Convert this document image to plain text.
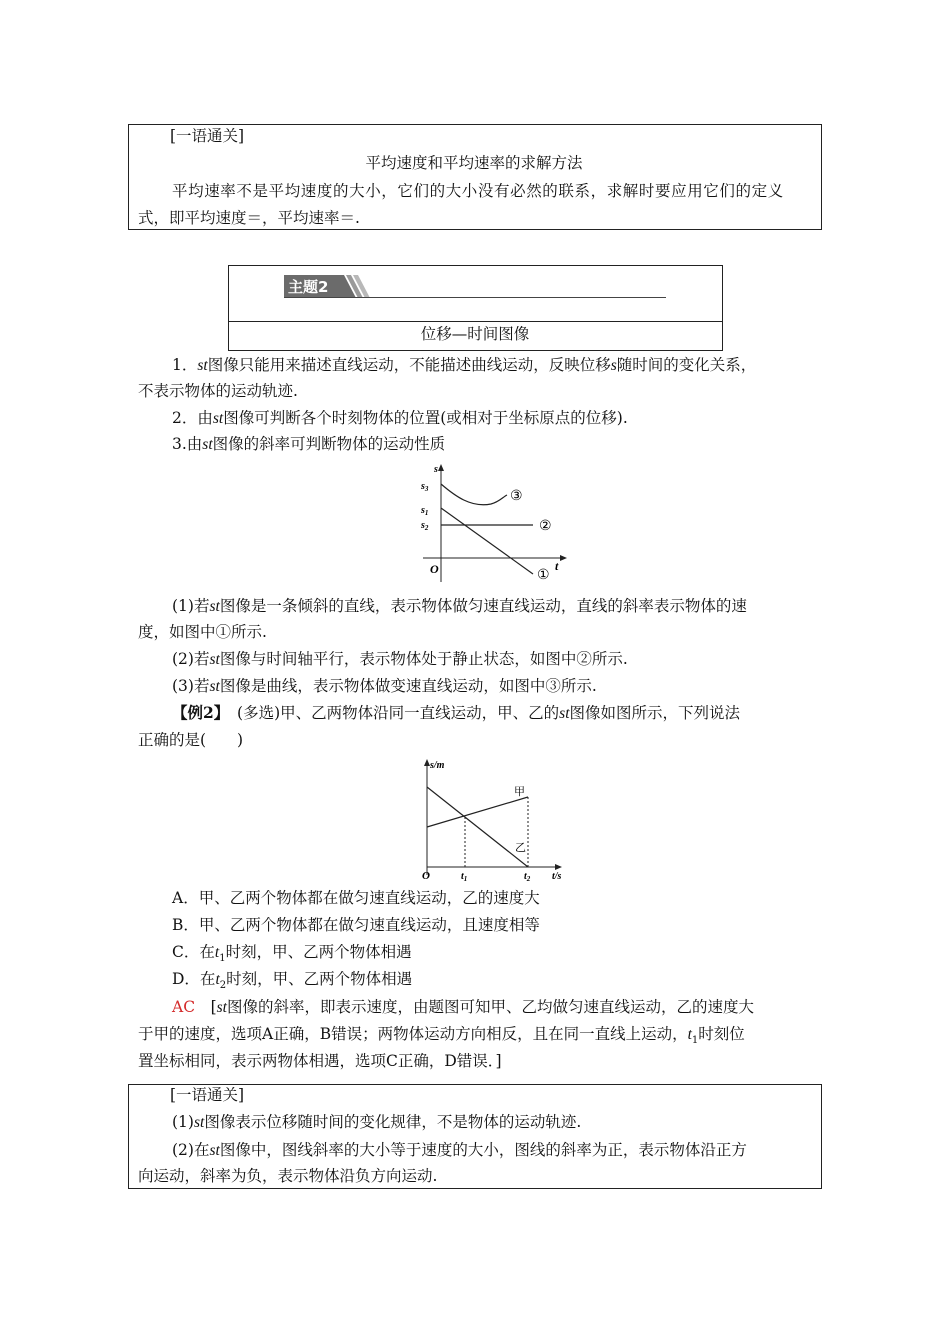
[一语通关]
平均速度和平均速率的求解方法
平均速率不是平均速度的大小，它们的大小没有必然的联系，求解时要应用它们的定义
式，即平均速度＝，平均速率＝.
主题2
位移—时间图像
1．st图像只能用来描述直线运动，不能描述曲线运动，反映位移s随时间的变化关系，
不表示物体的运动轨迹.
2．由st图像可判断各个时刻物体的位置(或相对于坐标原点的位移).
3.由st图像的斜率可判断物体的运动性质
s
t
O
$s_3$
$s_1$
$s_2$
③
②
①
(1)若st图像是一条倾斜的直线，表示物体做匀速直线运动，直线的斜率表示物体的速
度，如图中①所示.
(2)若st图像与时间轴平行，表示物体处于静止状态，如图中②所示.
(3)若st图像是曲线，表示物体做变速直线运动，如图中③所示.
【例2】　(多选)甲、乙两物体沿同一直线运动，甲、乙的st图像如图所示，下列说法
正确的是(　　)
s/m
t/s
O
甲
乙
$t_1$	$t_2$
A．甲、乙两个物体都在做匀速直线运动，乙的速度大
B．甲、乙两个物体都在做匀速直线运动，且速度相等
C．在$t_1$时刻，甲、乙两个物体相遇
D．在$t_2$时刻，甲、乙两个物体相遇
AC　[st图像的斜率，即表示速度，由题图可知甲、乙均做匀速直线运动，乙的速度大
于甲的速度，选项A正确，B错误；两物体运动方向相反，且在同一直线上运动，$t_1$时刻位
置坐标相同，表示两物体相遇，选项C正确，D错误．]
[一语通关]
(1)st图像表示位移随时间的变化规律，不是物体的运动轨迹.
(2)在st图像中，图线斜率的大小等于速度的大小，图线的斜率为正，表示物体沿正方
向运动，斜率为负，表示物体沿负方向运动.
